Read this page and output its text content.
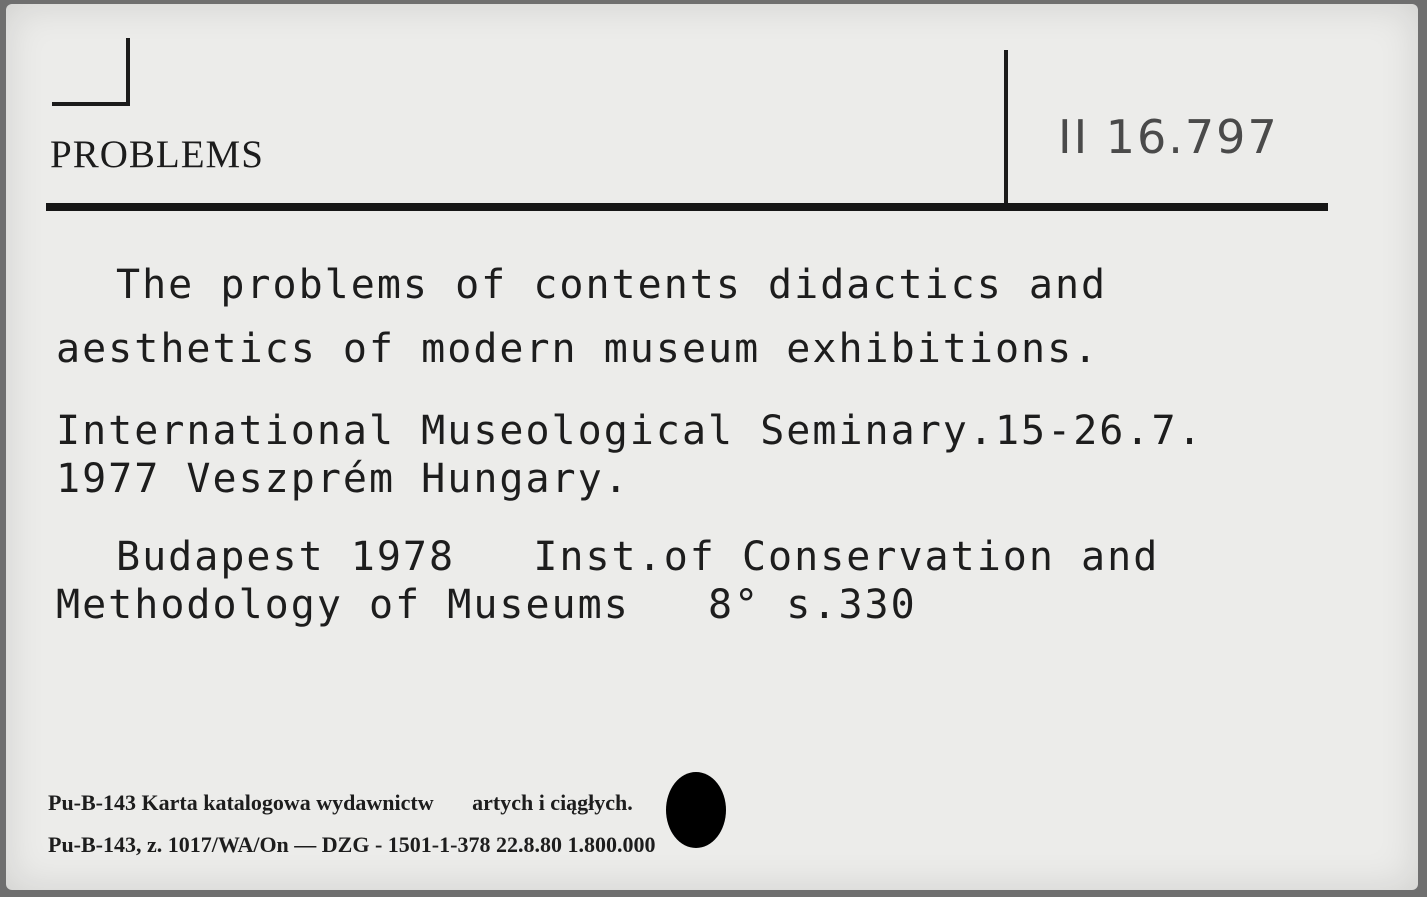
PROBLEMS	II 16.797
The problems of contents didactics and
aesthetics of modern museum exhibitions.
International Museological Seminary.15-26.7.
1977 Veszprém Hungary.
Budapest 1978   Inst.of Conservation and
Methodology of Museums   8° s.330
Pu-B-143 Karta katalogowa wydawnictw       artych i ciągłych.
Pu-B-143, z. 1017/WA/On — DZG - 1501-1-378 22.8.80 1.800.000
